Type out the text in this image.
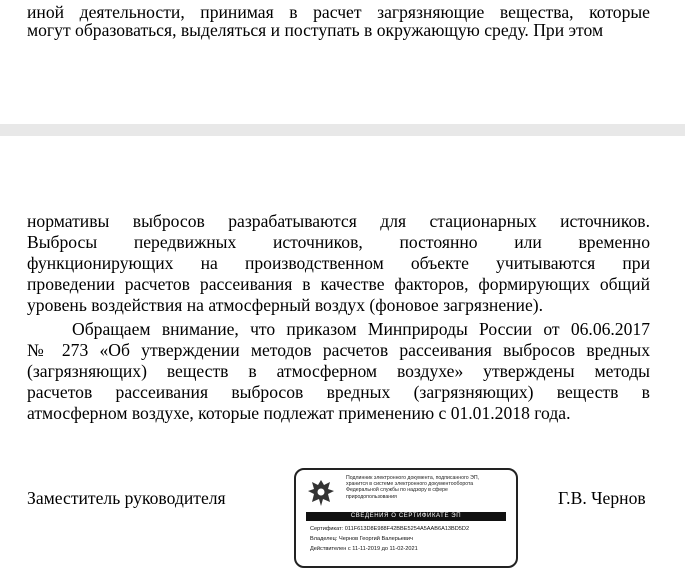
иной деятельности, принимая в расчет загрязняющие вещества, которые
могут образоваться, выделяться и поступать в окружающую среду. При этом
нормативы выбросов разрабатываются для стационарных источников.
Выбросы передвижных источников, постоянно или временно
функционирующих на производственном объекте учитываются при
проведении расчетов рассеивания в качестве факторов, формирующих общий
уровень воздействия на атмосферный воздух (фоновое загрязнение).
Обращаем внимание, что приказом Минприроды России от 06.06.2017
№ 273 «Об утверждении методов расчетов рассеивания выбросов вредных
(загрязняющих) веществ в атмосферном воздухе» утверждены методы
расчетов рассеивания выбросов вредных (загрязняющих) веществ в
атмосферном воздухе, которые подлежат применению с 01.01.2018 года.
Заместитель руководителя	Г.В. Чернов
Подлинник электронного документа, подписанного ЭП,
хранится в системе электронного документооборота
Федеральной службы по надзору в сфере
природопользования
СВЕДЕНИЯ О СЕРТИФИКАТЕ ЭП
Сертификат: 011F613D8E988F42BBE5254A5AAB6A13BD5D2
Владелец: Чернов Георгий Валерьевич
Действителен с 11-11-2019 до 11-02-2021
